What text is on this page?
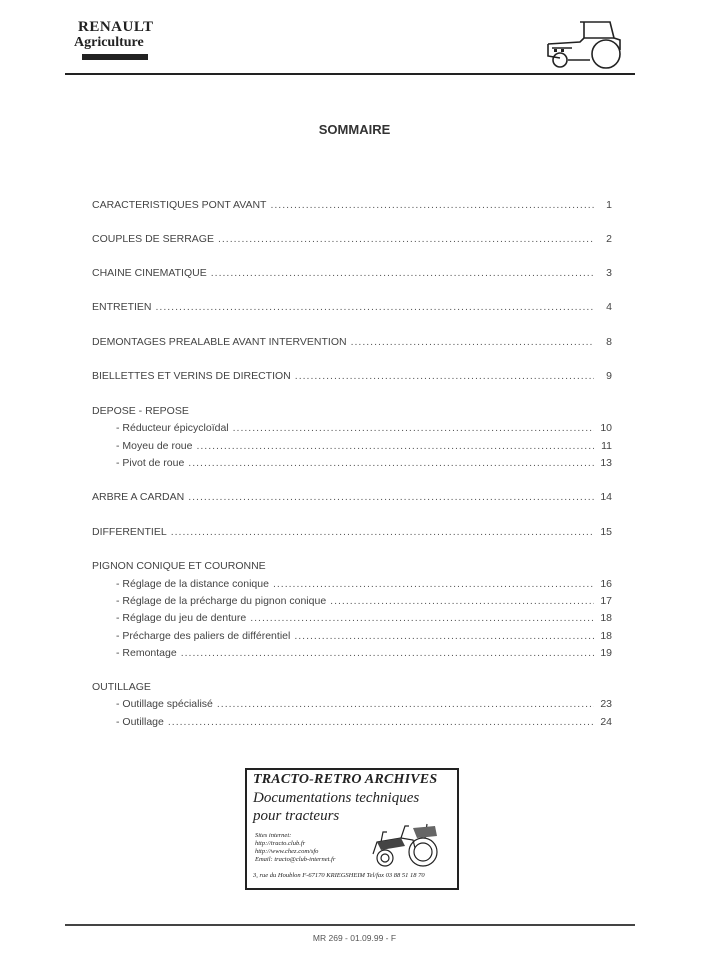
RENAULT
Agriculture
SOMMAIRE
CARACTERISTIQUES PONT AVANT .....	1
COUPLES DE SERRAGE .....	2
CHAINE CINEMATIQUE .....	3
ENTRETIEN .....	4
DEMONTAGES PREALABLE AVANT INTERVENTION .....	8
BIELLETTES ET VERINS DE DIRECTION .....	9
DEPOSE - REPOSE
- Réducteur épicycloïdal .....	10
- Moyeu de roue .....	11
- Pivot de roue .....	13
ARBRE A CARDAN .....	14
DIFFERENTIEL .....	15
PIGNON CONIQUE ET COURONNE
- Réglage de la distance conique .....	16
- Réglage de la précharge du pignon conique .....	17
- Réglage du jeu de denture .....	18
- Précharge des paliers de différentiel .....	18
- Remontage .....	19
OUTILLAGE
- Outillage spécialisé .....	23
- Outillage .....	24
TRACTO-RETRO ARCHIVES
Documentations techniques
pour tracteurs
Sites internet:
http://tracto.club.fr
http://www.chez.com/sfo
Email: tracto@club-internet.fr
3, rue du Houblon F-67170 KRIEGSHEIM Tel/fax 03 88 51 18 70
MR 269 - 01.09.99 - F
